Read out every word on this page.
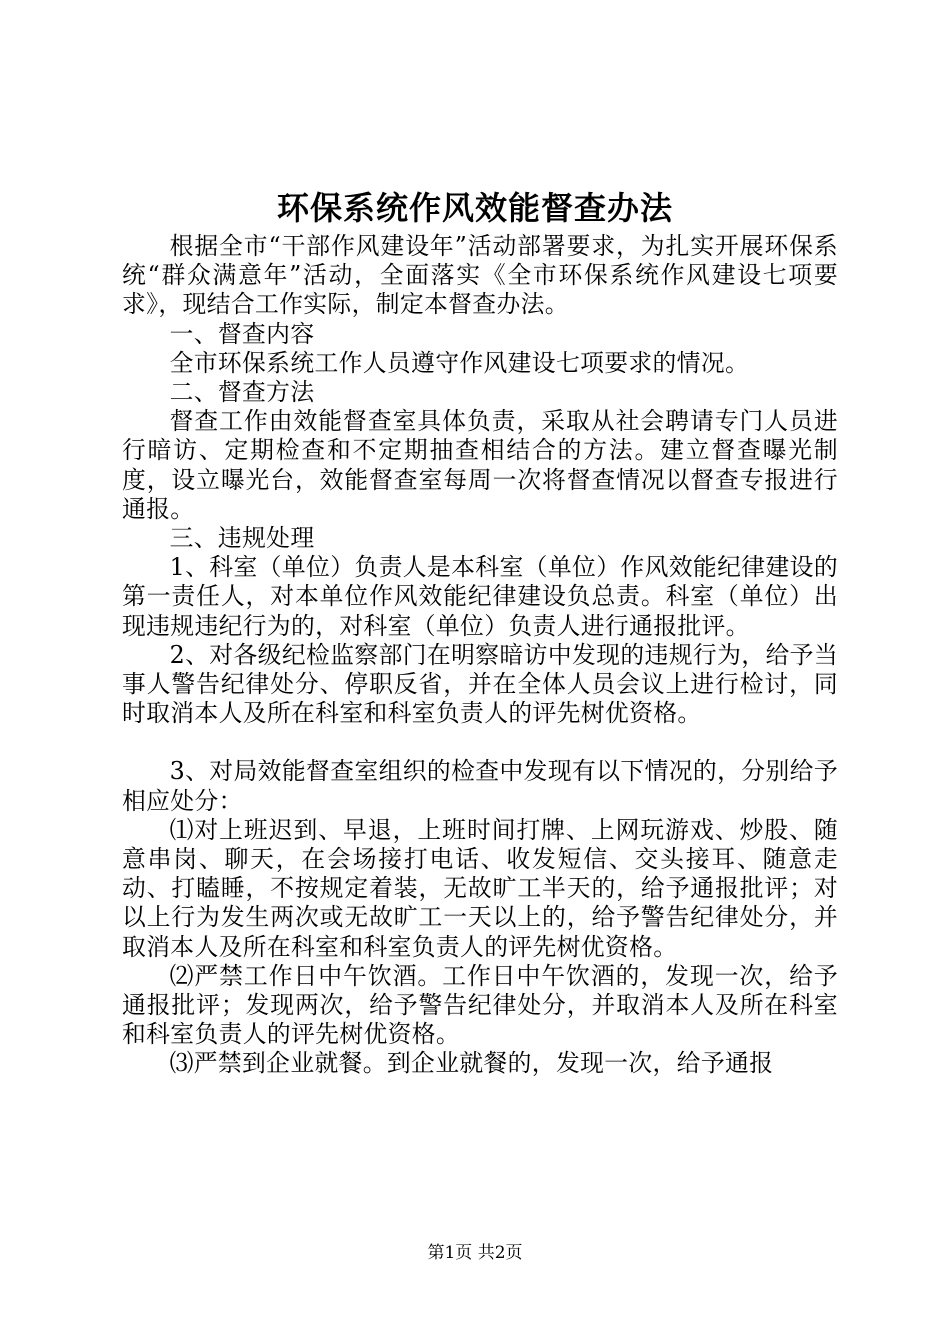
环保系统作风效能督查办法

根据全市“干部作风建设年”活动部署要求，为扎实开展环保系统“群众满意年”活动，全面落实《全市环保系统作风建设七项要求》，现结合工作实际，制定本督查办法。

一、督查内容

全市环保系统工作人员遵守作风建设七项要求的情况。

二、督查方法

督查工作由效能督查室具体负责，采取从社会聘请专门人员进行暗访、定期检查和不定期抽查相结合的方法。建立督查曝光制度，设立曝光台，效能督查室每周一次将督查情况以督查专报进行通报。

三、违规处理

1、科室（单位）负责人是本科室（单位）作风效能纪律建设的第一责任人，对本单位作风效能纪律建设负总责。科室（单位）出现违规违纪行为的，对科室（单位）负责人进行通报批评。

2、对各级纪检监察部门在明察暗访中发现的违规行为，给予当事人警告纪律处分、停职反省，并在全体人员会议上进行检讨，同时取消本人及所在科室和科室负责人的评先树优资格。

3、对局效能督查室组织的检查中发现有以下情况的，分别给予相应处分：

⑴对上班迟到、早退，上班时间打牌、上网玩游戏、炒股、随意串岗、聊天，在会场接打电话、收发短信、交头接耳、随意走动、打瞌睡，不按规定着装，无故旷工半天的，给予通报批评；对以上行为发生两次或无故旷工一天以上的，给予警告纪律处分，并取消本人及所在科室和科室负责人的评先树优资格。

⑵严禁工作日中午饮酒。工作日中午饮酒的，发现一次，给予通报批评；发现两次，给予警告纪律处分，并取消本人及所在科室和科室负责人的评先树优资格。

⑶严禁到企业就餐。到企业就餐的，发现一次，给予通报

第1页 共2页
